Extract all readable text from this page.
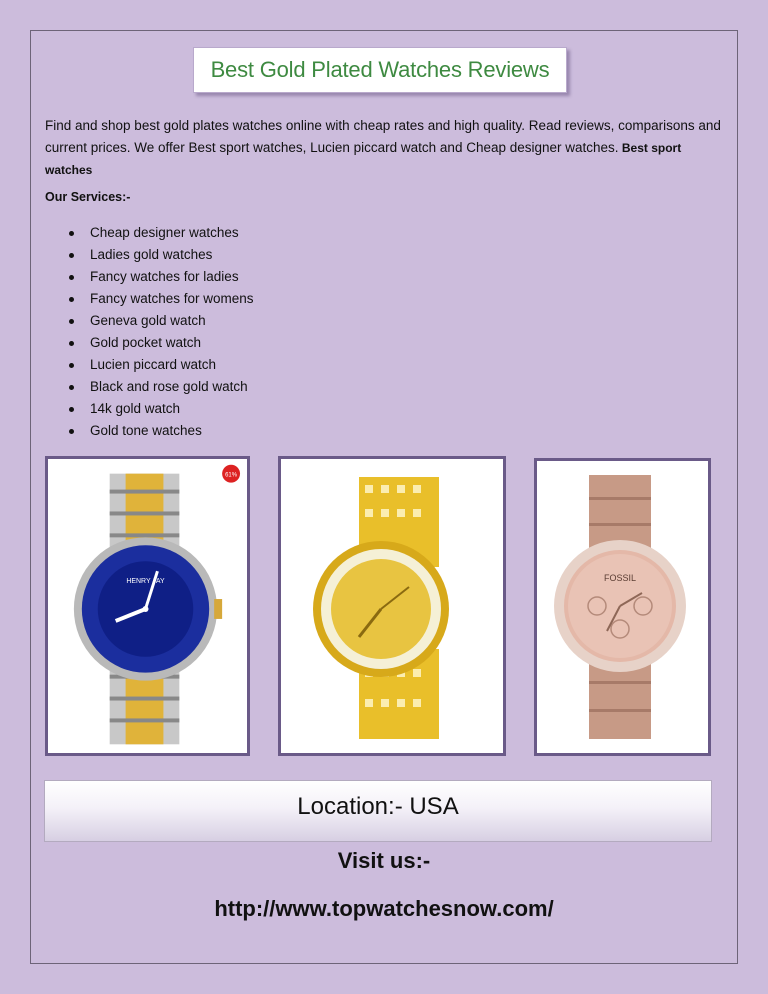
Best Gold Plated Watches Reviews
Find and shop best gold plates watches online with cheap rates and high quality. Read reviews, comparisons and current prices. We offer Best sport watches, Lucien piccard watch and Cheap designer watches. Best sport watches
Our Services:-
Cheap designer watches
Ladies gold watches
Fancy watches for ladies
Fancy watches for womens
Geneva gold watch
Gold pocket watch
Lucien piccard watch
Black and rose gold watch
14k gold watch
Gold tone watches
HENRY JAY
61%
FOSSIL
Location:- USA
Visit us:-
http://www.topwatchesnow.com/
